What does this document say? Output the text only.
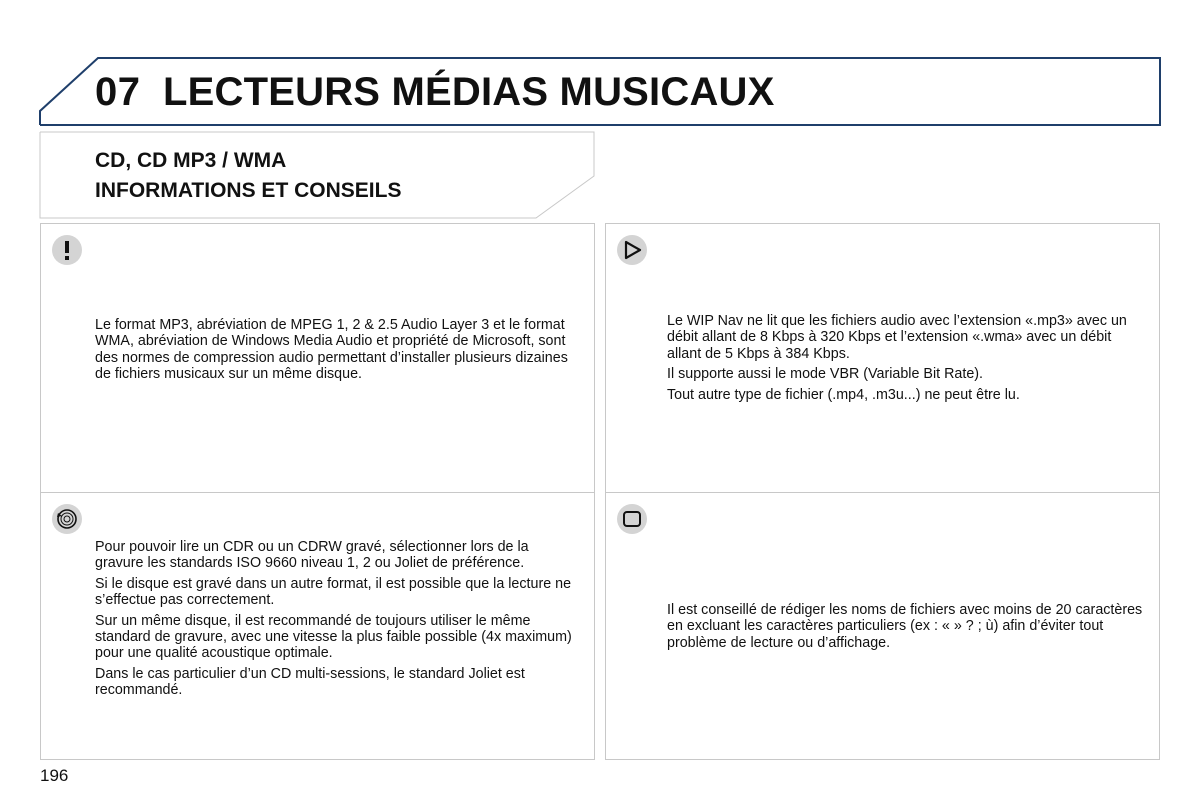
07 LECTEURS MÉDIAS MUSICAUX
CD, CD MP3 / WMA
INFORMATIONS ET CONSEILS
Le format MP3, abréviation de MPEG 1, 2 & 2.5 Audio Layer 3 et le format WMA, abréviation de Windows Media Audio et propriété de Microsoft, sont des normes de compression audio permettant d’installer plusieurs dizaines de fichiers musicaux sur un même disque.

Le WIP Nav ne lit que les fichiers audio avec l’extension «.mp3» avec un débit allant de 8 Kbps à 320 Kbps et l’extension «.wma» avec un débit allant de 5 Kbps à 384 Kbps.

Il supporte aussi le mode VBR (Variable Bit Rate).

Tout autre type de fichier (.mp4, .m3u...) ne peut être lu.

Pour pouvoir lire un CDR ou un CDRW gravé, sélectionner lors de la gravure les standards ISO 9660 niveau 1, 2 ou Joliet de préférence.

Si le disque est gravé dans un autre format, il est possible que la lecture ne s’effectue pas correctement.

Sur un même disque, il est recommandé de toujours utiliser le même standard de gravure, avec une vitesse la plus faible possible (4x maximum) pour une qualité acoustique optimale.

Dans le cas particulier d’un CD multi-sessions, le standard Joliet est recommandé.

Il est conseillé de rédiger les noms de fichiers avec moins de 20 caractères en excluant les caractères particuliers (ex : « » ? ; ù) afin d’éviter tout problème de lecture ou d’affichage.
196
